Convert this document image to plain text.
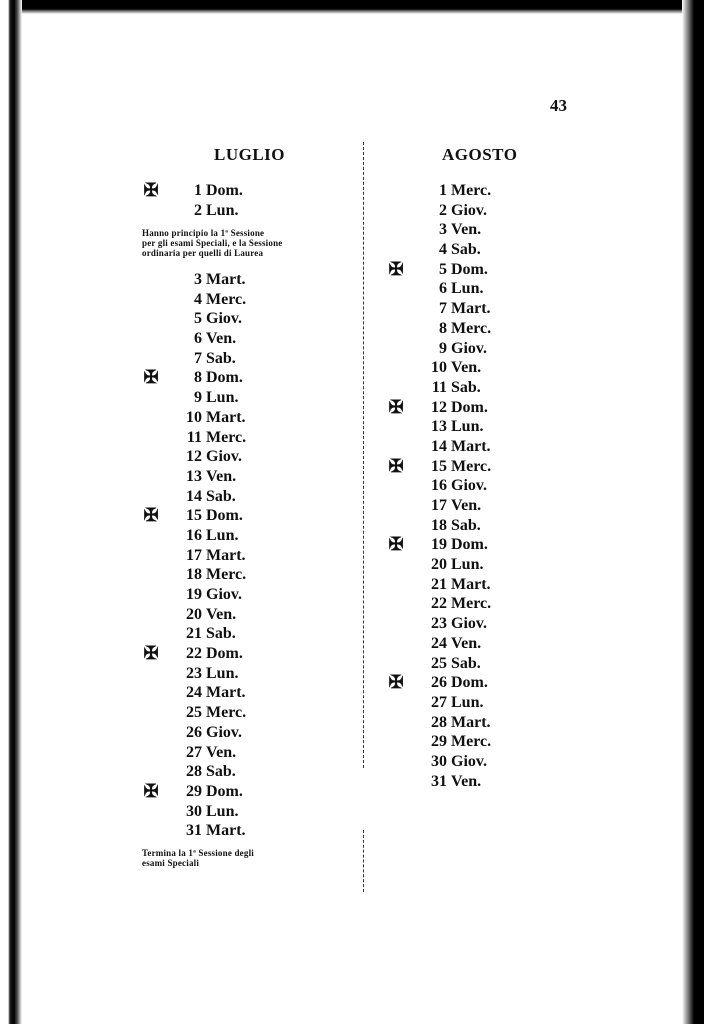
43
LUGLIO	AGOSTO
✠	1 Dom.
2 Lun.
Hanno principio la 1ª Sessione
per gli esami Speciali, e la Sessione
ordinaria per quelli di Laurea
3 Mart.
4 Merc.
5 Giov.
6 Ven.
7 Sab.
✠	8 Dom.
9 Lun.
10 Mart.
11 Merc.
12 Giov.
13 Ven.
14 Sab.
✠	15 Dom.
16 Lun.
17 Mart.
18 Merc.
19 Giov.
20 Ven.
21 Sab.
✠	22 Dom.
23 Lun.
24 Mart.
25 Merc.
26 Giov.
27 Ven.
28 Sab.
✠	29 Dom.
30 Lun.
31 Mart.
Termina la 1ª Sessione degli
esami Speciali
1 Merc.
2 Giov.
3 Ven.
4 Sab.
✠	5 Dom.
6 Lun.
7 Mart.
8 Merc.
9 Giov.
10 Ven.
11 Sab.
✠	12 Dom.
13 Lun.
14 Mart.
✠	15 Merc.
16 Giov.
17 Ven.
18 Sab.
✠	19 Dom.
20 Lun.
21 Mart.
22 Merc.
23 Giov.
24 Ven.
25 Sab.
✠	26 Dom.
27 Lun.
28 Mart.
29 Merc.
30 Giov.
31 Ven.
